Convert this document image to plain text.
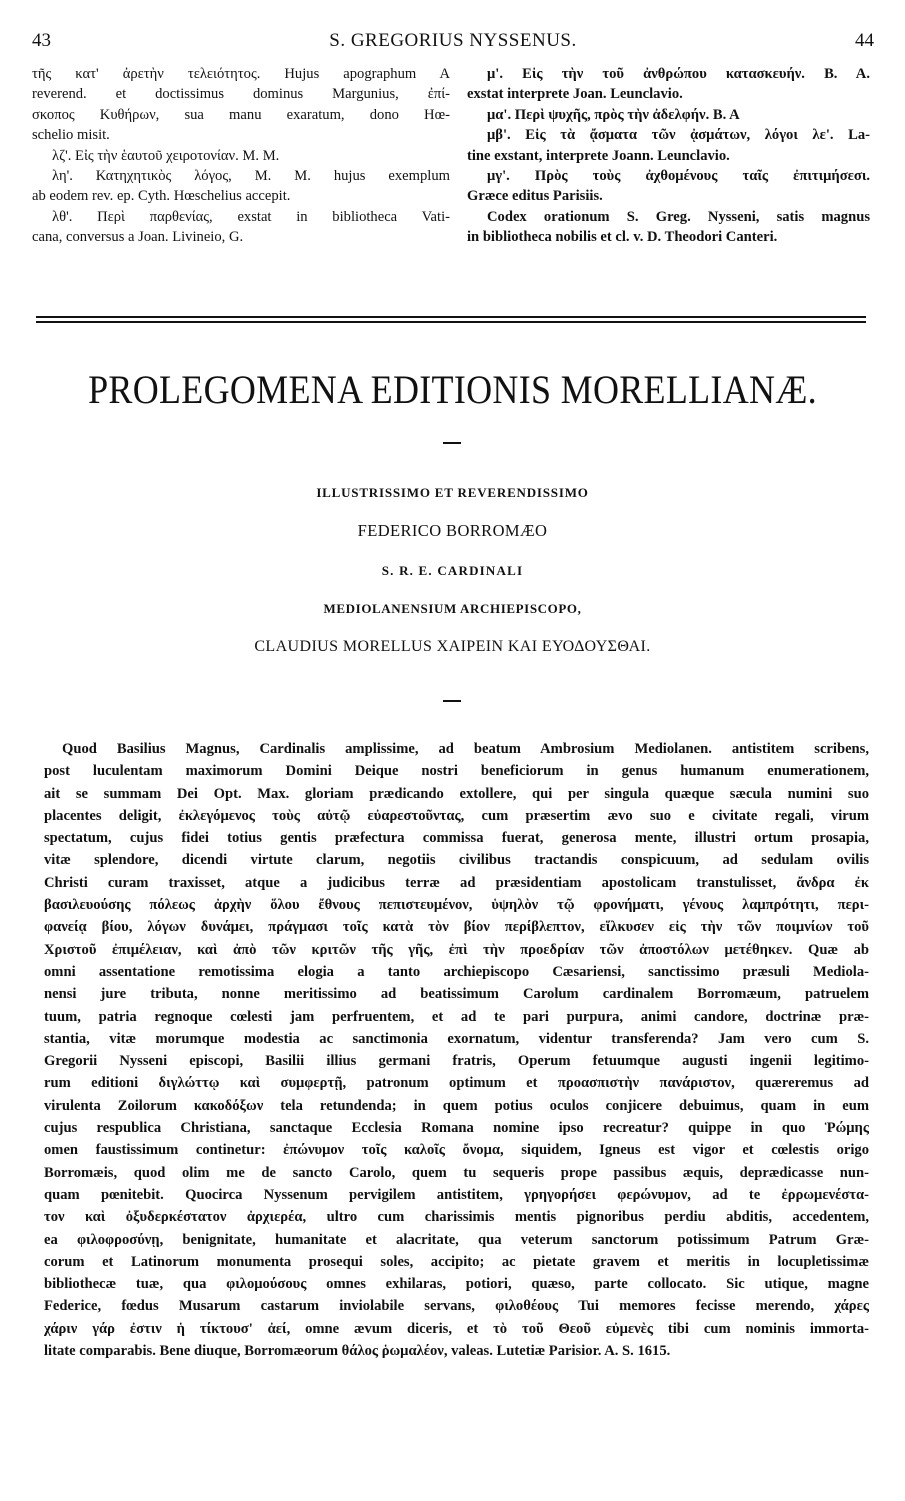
43	S. GREGORIUS NYSSENUS.	44
τῆς κατ' ἀρετὴν τελειότητος. Hujus apographum A
reverend. et doctissimus dominus Margunius, ἐπί-
σκοπος Κυθήρων, sua manu exaratum, dono Hœ-
schelio misit.
λζ'. Εἰς τὴν ἑαυτοῦ χειροτονίαν. M. M.
λη'. Κατηχητικὸς λόγος, M. M. hujus exemplum
ab eodem rev. ep. Cyth. Hœschelius accepit.
λθ'. Περὶ παρθενίας, exstat in bibliotheca Vati-
cana, conversus a Joan. Livineio, G.
μ'. Εἰς τὴν τοῦ ἀνθρώπου κατασκευήν. B. A.
exstat interprete Joan. Leunclavio.
μα'. Περὶ ψυχῆς, πρὸς τὴν ἀδελφήν. B. A
μβ'. Εἰς τὰ ᾄσματα τῶν ᾀσμάτων, λόγοι λε'. La-
tine exstant, interprete Joann. Leunclavio.
μγ'. Πρὸς τοὺς ἀχθομένους ταῖς ἐπιτιμήσεσι.
Græce editus Parisiis.
Codex orationum S. Greg. Nysseni, satis magnus
in bibliotheca nobilis et cl. v. D. Theodori Canteri.
PROLEGOMENA EDITIONIS MORELLIANÆ.
ILLUSTRISSIMO ET REVERENDISSIMO
FEDERICO BORROMÆO
S. R. E. CARDINALI
MEDIOLANENSIUM ARCHIEPISCOPO,
CLAUDIUS MORELLUS ΧΑΙΡΕΙΝ ΚΑΙ ΕΥΟΔΟΥΣΘΑΙ.
Quod Basilius Magnus, Cardinalis amplissime, ad beatum Ambrosium Mediolanen. antistitem scribens,
post luculentam maximorum Domini Deique nostri beneficiorum in genus humanum enumerationem,
ait se summam Dei Opt. Max. gloriam prædicando extollere, qui per singula quæque sæcula numini suo
placentes deligit, ἐκλεγόμενος τοὺς αὐτῷ εὐαρεστοῦντας, cum præsertim ævo suo e civitate regali, virum
spectatum, cujus fidei totius gentis præfectura commissa fuerat, generosa mente, illustri ortum prosapia,
vitæ splendore, dicendi virtute clarum, negotiis civilibus tractandis conspicuum, ad sedulam ovilis
Christi curam traxisset, atque a judicibus terræ ad præsidentiam apostolicam transtulisset, ἄνδρα ἐκ
βασιλευούσης πόλεως ἀρχὴν ὅλου ἔθνους πεπιστευμένον, ὑψηλὸν τῷ φρονήματι, γένους λαμπρότητι, περι-
φανείᾳ βίου, λόγων δυνάμει, πράγμασι τοῖς κατὰ τὸν βίον περίβλεπτον, εἵλκυσεν εἰς τὴν τῶν ποιμνίων τοῦ
Χριστοῦ ἐπιμέλειαν, καὶ ἀπὸ τῶν κριτῶν τῆς γῆς, ἐπὶ τὴν προεδρίαν τῶν ἀποστόλων μετέθηκεν. Quæ ab
omni assentatione remotissima elogia a tanto archiepiscopo Cæsariensi, sanctissimo præsuli Mediola-
nensi jure tributa, nonne meritissimo ad beatissimum Carolum cardinalem Borromæum, patruelem
tuum, patria regnoque cœlesti jam perfruentem, et ad te pari purpura, animi candore, doctrinæ præ-
stantia, vitæ morumque modestia ac sanctimonia exornatum, videntur transferenda? Jam vero cum S.
Gregorii Nysseni episcopi, Basilii illius germani fratris, Operum fetuumque augusti ingenii legitimo-
rum editioni διγλώττῳ καὶ συμφερτῇ, patronum optimum et προασπιστὴν πανάριστον, quæreremus ad
virulenta Zoilorum κακοδόξων tela retundenda; in quem potius oculos conjicere debuimus, quam in eum
cujus respublica Christiana, sanctaque Ecclesia Romana nomine ipso recreatur? quippe in quo Ῥώμης
omen faustissimum continetur: ἐπώνυμον τοῖς καλοῖς ὄνομα, siquidem, Igneus est vigor et cœlestis origo
Borromæis, quod olim me de sancto Carolo, quem tu sequeris prope passibus æquis, deprædicasse nun-
quam pœnitebit. Quocirca Nyssenum pervigilem antistitem, γρηγορήσει φερώνυμον, ad te ἐρρωμενέστα-
τον καὶ ὀξυδερκέστατον ἀρχιερέα, ultro cum charissimis mentis pignoribus perdiu abditis, accedentem,
ea φιλοφροσύνῃ, benignitate, humanitate et alacritate, qua veterum sanctorum potissimum Patrum Græ-
corum et Latinorum monumenta prosequi soles, accipito; ac pietate gravem et meritis in locupletissimæ
bibliothecæ tuæ, qua φιλομούσους omnes exhilaras, potiori, quæso, parte collocato. Sic utique, magne
Federice, fœdus Musarum castarum inviolabile servans, φιλοθέους Tui memores fecisse merendo, χάρες
χάριν γάρ ἐστιν ἡ τίκτουσ' ἀεί, omne ævum diceris, et τὸ τοῦ Θεοῦ εὐμενὲς tibi cum nominis immorta-
litate comparabis. Bene diuque, Borromæorum θάλος ῥωμαλέον, valeas. Lutetiæ Parisior. A. S. 1615.
